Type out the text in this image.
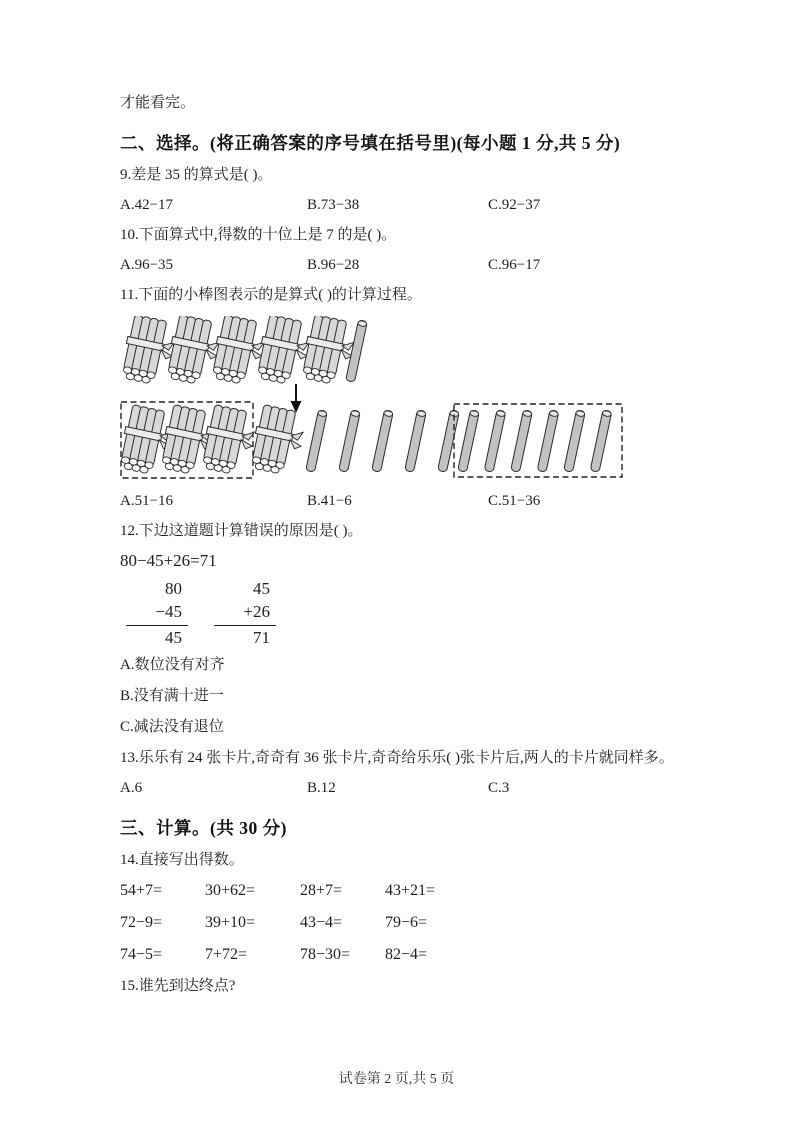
才能看完。

二、选择。(将正确答案的序号填在括号里)(每小题 1 分,共 5 分)

9.差是 35 的算式是( )。

A.42−17	B.73−38	C.92−37

10.下面算式中,得数的十位上是 7 的是( )。

A.96−35	B.96−28	C.96−17

11.下面的小棒图表示的是算式( )的计算过程。

A.51−16	B.41−6	C.51−36

12.下边这道题计算错误的原因是( )。

80−45+26=71

80
−45
45
45
+26
71

A.数位没有对齐

B.没有满十进一

C.减法没有退位

13.乐乐有 24 张卡片,奇奇有 36 张卡片,奇奇给乐乐( )张卡片后,两人的卡片就同样多。

A.6	B.12	C.3
三、计算。(共 30 分)

14.直接写出得数。

54+7=	30+62=	28+7=	43+21=
72−9=	39+10=	43−4=	79−6=
74−5=	7+72=	78−30=	82−4=

15.谁先到达终点?

试卷第 2 页,共 5 页
